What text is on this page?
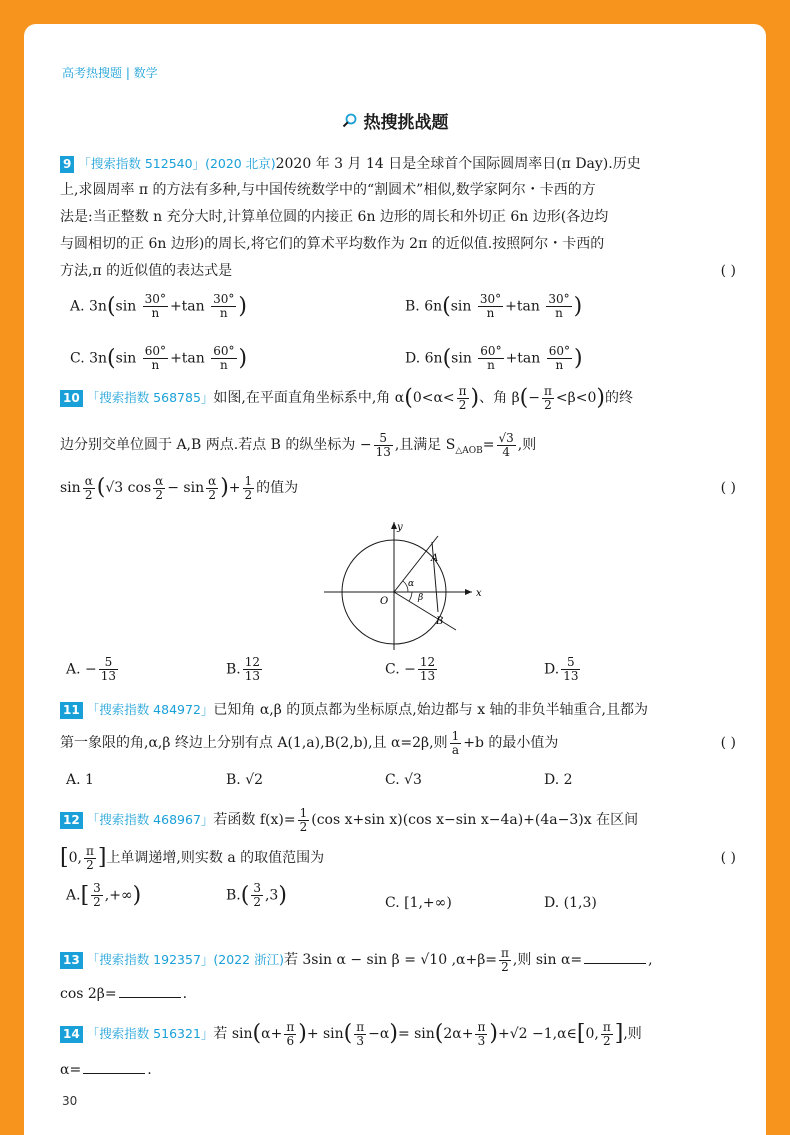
高考热搜题 | 数学
热搜挑战题
9 「搜索指数 512540」(2020 北京)2020 年 3 月 14 日是全球首个国际圆周率日(π Day).历史
上,求圆周率 π 的方法有多种,与中国传统数学中的“割圆术”相似,数学家阿尔・卡西的方
法是:当正整数 n 充分大时,计算单位圆的内接正 6n 边形的周长和外切正 6n 边形(各边均
与圆相切的正 6n 边形)的周长,将它们的算术平均数作为 2π 的近似值.按照阿尔・卡西的
方法,π 的近似值的表达式是	( )
A. $3n(\sin \frac{30^\circ}{n} +\tan \frac{30^\circ}{n}$ )	B. $6n(\sin \frac{30^\circ}{n} +\tan \frac{30^\circ}{n}$ )
C. $3n(\sin \frac{60^\circ}{n} +\tan \frac{60^\circ}{n}$ )	D. $6n(\sin \frac{60^\circ}{n} +\tan \frac{60^\circ}{n}$ )
10 「搜索指数 568785」如图,在平面直角坐标系中,角 $\alpha(0<\alpha< \frac{\pi}{2}$ )、角 $\beta(- \frac{\pi}{2} <\beta<0)$的终
边分别交单位圆于 A,B 两点.若点 B 的纵坐标为 − $\frac{5}{13}$ ,且满足 $S_{\triangle AOB}= \frac{√3}{4}$ ,则
$\sin \frac{\alpha}{2} (√3$ $\cos \frac{\alpha}{2} - \sin \frac{\alpha}{2}$ )+ $\frac{1}{2}$ 的值为	( )
y
x
O
A
B
α
β
A. − $\frac{5}{13}$	B. $\frac{12}{13}$	C. − $\frac{12}{13}$	D. $\frac{5}{13}$
11 「搜索指数 484972」已知角 α,β 的顶点都为坐标原点,始边都与 x 轴的非负半轴重合,且都为
第一象限的角,α,β 终边上分别有点 A(1,a),B(2,b),且 α=2β,则 $\frac{1}{a} +b$ 的最小值为	( )
A. 1	B. √2	C. √3	D. 2
12 「搜索指数 468967」若函数 $f(x)= \frac{1}{2} (\cos$ x+sin x)(cos x−sin x−4a)+(4a−3)x 在区间
[0, $\frac{\pi}{2}$ ]上单调递增,则实数 a 的取值范围为	( )
$A.[ \frac{3}{2}$ ,+∞)	$B.( \frac{3}{2} ,3)$	C. [1,+∞)	D. (1,3)
13 「搜索指数 192357」(2022 浙江)若 3sin α − sin β = √10 $,\alpha+\beta= \frac{\pi}{2}$ ,则 sin α=	,
cos 2β=	.
14 「搜索指数 516321」若 $\sin(\alpha+ \frac{\pi}{6}$ )+ $\sin( \frac{\pi}{3} -\alpha)= \sin(2\alpha+ \frac{\pi}{3} )+√2$ −1,α∈[0, $\frac{\pi}{2}$ ],则
α=	.
30
